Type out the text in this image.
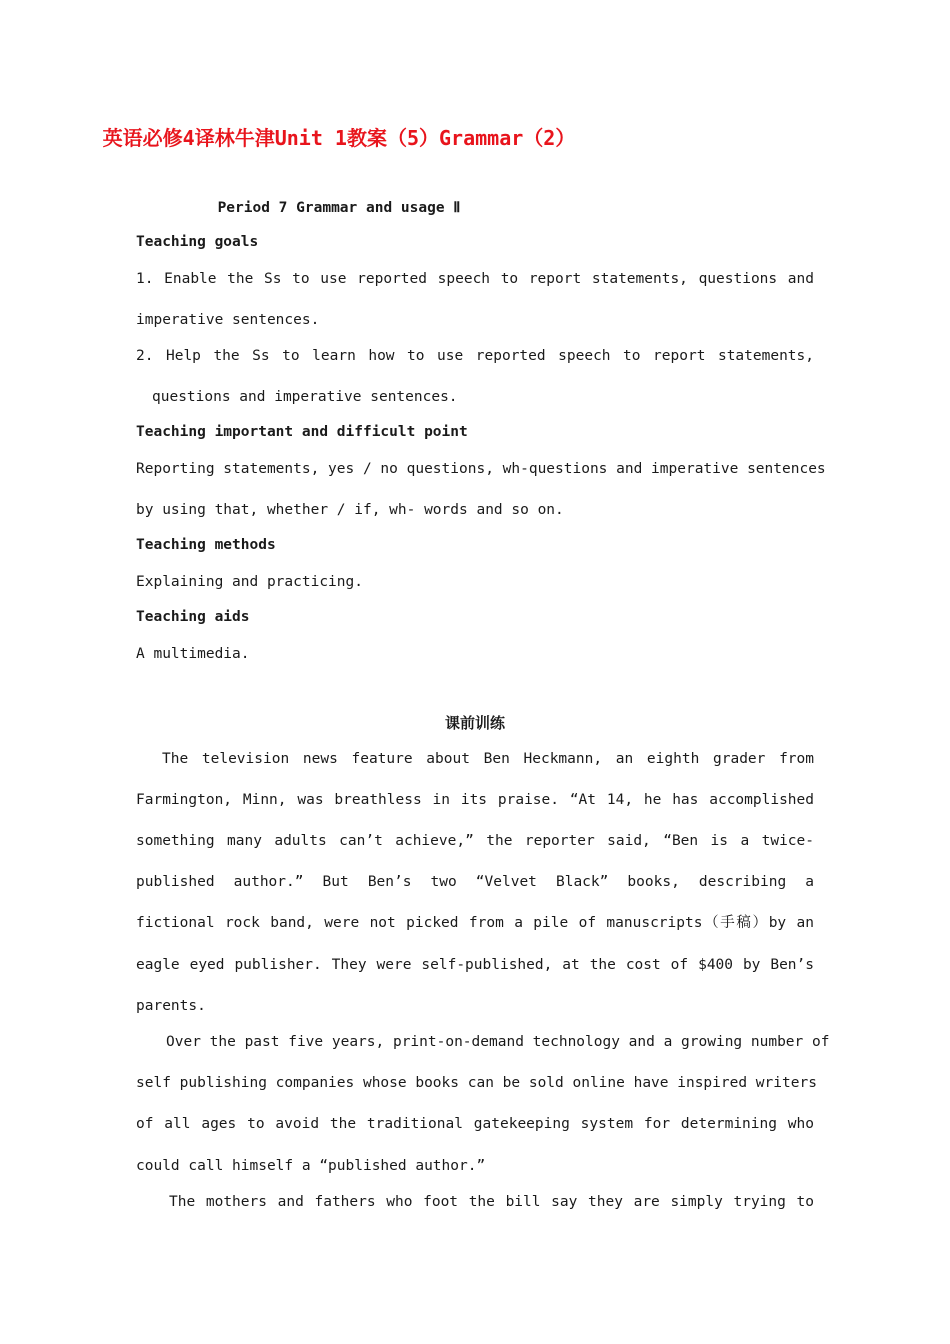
英语必修4译林牛津Unit 1教案（5）Grammar（2）
Period 7 Grammar and usage Ⅱ
Teaching goals
1. Enable the Ss to use reported speech to report statements, questions and
imperative sentences.
2. Help the Ss to learn how to use reported speech to report statements,
questions and imperative sentences.
Teaching important and difficult point
Reporting statements, yes / no questions, wh-questions and imperative sentences
by using that, whether / if, wh- words and so on.
Teaching methods
Explaining and practicing.
Teaching aids
A multimedia.
课前训练
The television news feature about Ben Heckmann, an eighth grader from
Farmington, Minn, was breathless in its praise. “At 14, he has accomplished
something many adults can’t achieve,” the reporter said, “Ben is a twice-
published author.” But Ben’s two “Velvet Black” books, describing a
fictional rock band, were not picked from a pile of manuscripts（手稿）by an
eagle eyed publisher. They were self-published, at the cost of $400 by Ben’s
parents.
Over the past five years, print-on-demand technology and a growing number of
self publishing companies whose books can be sold online have inspired writers
of all ages to avoid the traditional gatekeeping system for determining who
could call himself a “published author.”
The mothers and fathers who foot the bill say they are simply trying to
